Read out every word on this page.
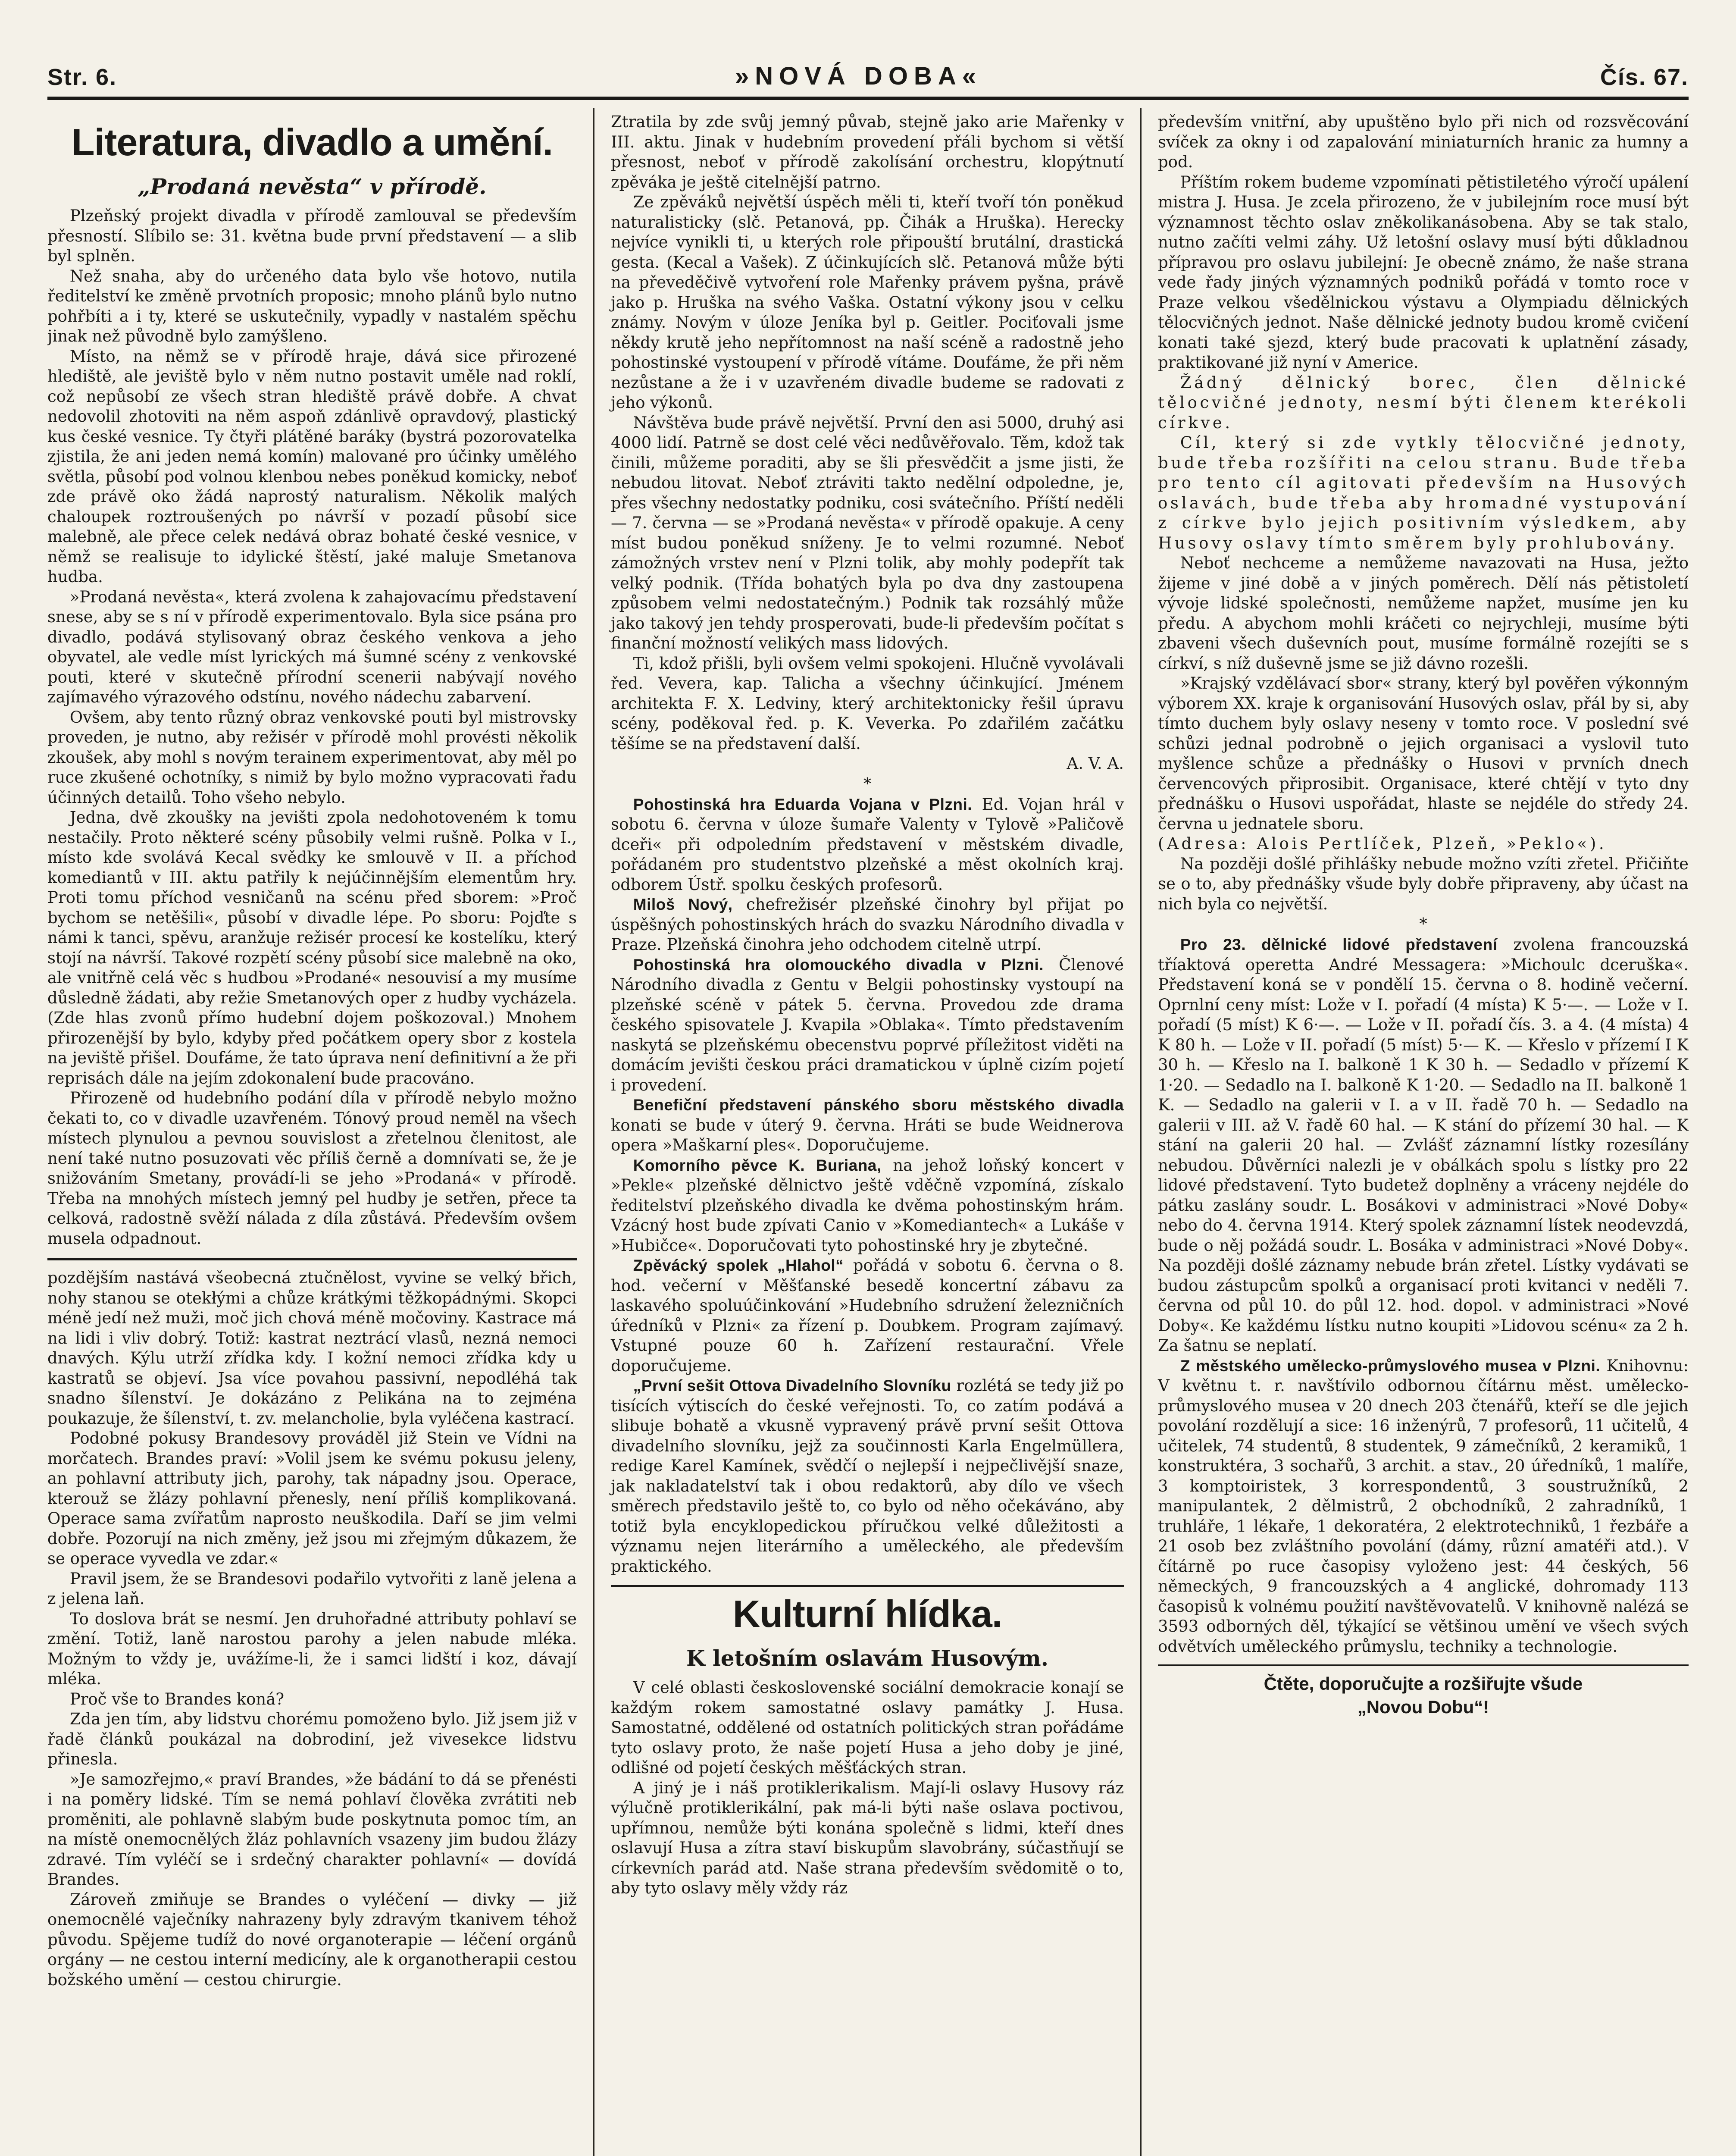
Str. 6.	»NOVÁ DOBA«	Čís. 67.
Literatura, divadlo a umění.
„Prodaná nevěsta“ v přírodě.

Plzeňský projekt divadla v přírodě zamlouval se především přesností. Slíbilo se: 31. května bude první představení — a slib byl splněn.

Než snaha, aby do určeného data bylo vše hotovo, nutila ředitelství ke změně prvotních proposic; mnoho plánů bylo nutno pohřbíti a i ty, které se uskutečnily, vypadly v nastalém spěchu jinak než původně bylo zamýšleno.

Místo, na němž se v přírodě hraje, dává sice přirozené hlediště, ale jeviště bylo v něm nutno postavit uměle nad roklí, což nepůsobí ze všech stran hlediště právě dobře. A chvat nedovolil zhotoviti na něm aspoň zdánlivě opravdový, plastický kus české vesnice. Ty čtyři plátěné baráky (bystrá pozorovatelka zjistila, že ani jeden nemá komín) malované pro účinky umělého světla, působí pod volnou klenbou nebes poněkud komicky, neboť zde právě oko žádá naprostý naturalism. Několik malých chaloupek roztroušených po návrší v pozadí působí sice malebně, ale přece celek nedává obraz bohaté české vesnice, v němž se realisuje to idylické štěstí, jaké maluje Smetanova hudba.

»Prodaná nevěsta«, která zvolena k zahajovacímu představení snese, aby se s ní v přírodě experimentovalo. Byla sice psána pro divadlo, podává stylisovaný obraz českého venkova a jeho obyvatel, ale vedle míst lyrických má šumné scény z venkovské pouti, které v skutečně přírodní scenerii nabývají nového zajímavého výrazového odstínu, nového nádechu zabarvení.

Ovšem, aby tento různý obraz venkovské pouti byl mistrovsky proveden, je nutno, aby režisér v přírodě mohl provésti několik zkoušek, aby mohl s novým terainem experimentovat, aby měl po ruce zkušené ochotníky, s nimiž by bylo možno vypracovati řadu účinných detailů. Toho všeho nebylo.

Jedna, dvě zkoušky na jevišti zpola nedohotoveném k tomu nestačily. Proto některé scény působily velmi rušně. Polka v I., místo kde svolává Kecal svědky ke smlouvě v II. a příchod komediantů v III. aktu patřily k nejúčinnějším elementům hry. Proti tomu příchod vesničanů na scénu před sborem: »Proč bychom se netěšili«, působí v divadle lépe. Po sboru: Pojďte s námi k tanci, spěvu, aranžuje režisér procesí ke kostelíku, který stojí na návrší. Takové rozpětí scény působí sice malebně na oko, ale vnitřně celá věc s hudbou »Prodané« nesouvisí a my musíme důsledně žádati, aby režie Smetanových oper z hudby vycházela. (Zde hlas zvonů přímo hudební dojem poškozoval.) Mnohem přirozenější by bylo, kdyby před počátkem opery sbor z kostela na jeviště přišel. Doufáme, že tato úprava není definitivní a že při reprisách dále na jejím zdokonalení bude pracováno.

Přirozeně od hudebního podání díla v přírodě nebylo možno čekati to, co v divadle uzavřeném. Tónový proud neměl na všech místech plynulou a pevnou souvislost a zřetelnou členitost, ale není také nutno posuzovati věc příliš černě a domnívati se, že je snižováním Smetany, provádí-li se jeho »Prodaná« v přírodě. Třeba na mnohých místech jemný pel hudby je setřen, přece ta celková, radostně svěží nálada z díla zůstává. Především ovšem musela odpadnout.

pozdějším nastává všeobecná ztučnělost, vyvine se velký břich, nohy stanou se otekłými a chůze krátkými těžkopádnými. Skopci méně jedí než muži, moč jich chová méně močoviny. Kastrace má na lidi i vliv dobrý. Totiž: kastrat neztrácí vlasů, nezná nemoci dnavých. Kýlu utrží zřídka kdy. I kožní nemoci zřídka kdy u kastratů se objeví. Jsa více povahou passivní, nepodléhá tak snadno šílenství. Je dokázáno z Pelikána na to zejména poukazuje, že šílenství, t. zv. melancholie, byla vyléčena kastrací.

Podobné pokusy Brandesovy prováděl již Stein ve Vídni na morčatech. Brandes praví: »Volil jsem ke svému pokusu jeleny, an pohlavní attributy jich, parohy, tak nápadny jsou. Operace, kterouž se žlázy pohlavní přenesly, není příliš komplikovaná. Operace sama zvířatům naprosto neuškodila. Daří se jim velmi dobře. Pozorují na nich změny, jež jsou mi zřejmým důkazem, že se operace vyvedla ve zdar.«

Pravil jsem, že se Brandesovi podařilo vytvořiti z laně jelena a z jelena laň.

To doslova brát se nesmí. Jen druhořadné attributy pohlaví se změní. Totiž, laně narostou parohy a jelen nabude mléka. Možným to vždy je, uvážíme-li, že i samci lidští i koz, dávají mléka.

Proč vše to Brandes koná?

Zda jen tím, aby lidstvu chorému pomoženo bylo. Již jsem již v řadě článků poukázal na dobrodiní, jež vivesekce lidstvu přinesla.

»Je samozřejmo,« praví Brandes, »že bádání to dá se přenésti i na poměry lidské. Tím se nemá pohlaví člověka zvrátiti neb proměniti, ale pohlavně slabým bude poskytnuta pomoc tím, an na místě onemocnělých žláz pohlavních vsazeny jim budou žlázy zdravé. Tím vyléčí se i srdečný charakter pohlavní« — dovídá Brandes.

Zároveň zmiňuje se Brandes o vyléčení — divky — již onemocnělé vaječníky nahrazeny byly zdravým tkanivem téhož původu. Spějeme tudíž do nové organoterapie — léčení orgánů orgány — ne cestou interní medicíny, ale k organotherapii cestou božského umění — cestou chirurgie.

Ztratila by zde svůj jemný půvab, stejně jako arie Mařenky v III. aktu. Jinak v hudebním provedení přáli bychom si větší přesnost, neboť v přírodě zakolísání orchestru, klopýtnutí zpěváka je ještě citelnější patrno.

Ze zpěváků největší úspěch měli ti, kteří tvoří tón poněkud naturalisticky (slč. Petanová, pp. Čihák a Hruška). Herecky nejvíce vynikli ti, u kterých role připouští brutální, drastická gesta. (Kecal a Vašek). Z účinkujících slč. Petanová může býti na převeděčivě vytvoření role Mařenky právem pyšna, právě jako p. Hruška na svého Vaška. Ostatní výkony jsou v celku známy. Novým v úloze Jeníka byl p. Geitler. Pociťovali jsme někdy krutě jeho nepřítomnost na naší scéně a radostně jeho pohostinské vystoupení v přírodě vítáme. Doufáme, že při něm nezůstane a že i v uzavřeném divadle budeme se radovati z jeho výkonů.

Návštěva bude právě největší. První den asi 5000, druhý asi 4000 lidí. Patrně se dost celé věci nedůvěřovalo. Těm, kdož tak činili, můžeme poraditi, aby se šli přesvědčit a jsme jisti, že nebudou litovat. Neboť ztráviti takto nedělní odpoledne, je, přes všechny nedostatky podniku, cosi svátečního. Příští neděli — 7. června — se »Prodaná nevěsta« v přírodě opakuje. A ceny míst budou poněkud sníženy. Je to velmi rozumné. Neboť zámožných vrstev není v Plzni tolik, aby mohly podepřít tak velký podnik. (Třída bohatých byla po dva dny zastoupena způsobem velmi nedostatečným.) Podnik tak rozsáhlý může jako takový jen tehdy prosperovati, bude-li především počítat s finanční možností velikých mass lidových.

Ti, kdož přišli, byli ovšem velmi spokojeni. Hlučně vyvolávali řed. Vevera, kap. Talicha a všechny účinkující. Jménem architekta F. X. Ledviny, který architektonicky řešil úpravu scény, poděkoval řed. p. K. Veverka. Po zdařilém začátku těšíme se na představení další.

A. V. A.

*

Pohostinská hra Eduarda Vojana v Plzni. Ed. Vojan hrál v sobotu 6. června v úloze šumaře Valenty v Tylově »Paličově dceři« při odpoledním představení v městském divadle, pořádaném pro studentstvo plzeňské a měst okolních kraj. odborem Ústř. spolku českých profesorů.

Miloš Nový, chefrežisér plzeňské činohry byl přijat po úspěšných pohostinských hrách do svazku Národního divadla v Praze. Plzeňská činohra jeho odchodem citelně utrpí.

Pohostinská hra olomouckého divadla v Plzni. Členové Národního divadla z Gentu v Belgii pohostinsky vystoupí na plzeňské scéně v pátek 5. června. Provedou zde drama českého spisovatele J. Kvapila »Oblaka«. Tímto představením naskytá se plzeňskému obecenstvu poprvé příležitost viděti na domácím jevišti českou práci dramatickou v úplně cizím pojetí i provedení.

Benefiční představení pánského sboru městského divadla konati se bude v úterý 9. června. Hráti se bude Weidnerova opera »Maškarní ples«. Doporučujeme.

Komorního pěvce K. Buriana, na jehož loňský koncert v »Pekle« plzeňské dělnictvo ještě vděčně vzpomíná, získalo ředitelství plzeňského divadla ke dvěma pohostinským hrám. Vzácný host bude zpívati Canio v »Komediantech« a Lukáše v »Hubičce«. Doporučovati tyto pohostinské hry je zbytečné.

Zpěvácký spolek „Hlahol“ pořádá v sobotu 6. června o 8. hod. večerní v Měšťanské besedě koncertní zábavu za laskavého spoluúčinkování »Hudebního sdružení železničních úředníků v Plzni« za řízení p. Doubkem. Program zajímavý. Vstupné pouze 60 h. Zařízení restaurační. Vřele doporučujeme.

„První sešit Ottova Divadelního Slovníku rozlétá se tedy již po tisících výtiscích do české veřejnosti. To, co zatím podává a slibuje bohatě a vkusně vypravený právě první sešit Ottova divadelního slovníku, jejž za součinnosti Karla Engelmüllera, redige Karel Kamínek, svědčí o nejlepší i nejpečlivější snaze, jak nakladatelství tak i obou redaktorů, aby dílo ve všech směrech představilo ještě to, co bylo od něho očekáváno, aby totiž byla encyklopedickou příručkou velké důležitosti a významu nejen literárního a uměleckého, ale především praktického.

Kulturní hlídka.
K letošním oslavám Husovým.

V celé oblasti československé sociální demokracie konají se každým rokem samostatné oslavy památky J. Husa. Samostatné, oddělené od ostatních politických stran pořádáme tyto oslavy proto, že naše pojetí Husa a jeho doby je jiné, odlišné od pojetí českých měšťáckých stran.

A jiný je i náš protiklerikalism. Mají-li oslavy Husovy ráz výlučně protiklerikální, pak má-li býti naše oslava poctivou, upřímnou, nemůže býti konána společně s lidmi, kteří dnes oslavují Husa a zítra staví biskupům slavobrány, súčastňují se církevních parád atd. Naše strana především svědomitě o to, aby tyto oslavy měly vždy ráz

především vnitřní, aby upuštěno bylo při nich od rozsvěcování svíček za okny i od zapalování miniaturních hranic za humny a pod.

Příštím rokem budeme vzpomínati pětistiletého výročí upálení mistra J. Husa. Je zcela přirozeno, že v jubilejním roce musí být významnost těchto oslav zněkolikanásobena. Aby se tak stalo, nutno začíti velmi záhy. Už letošní oslavy musí býti důkladnou přípravou pro oslavu jubilejní: Je obecně známo, že naše strana vede řady jiných významných podniků pořádá v tomto roce v Praze velkou všedělnickou výstavu a Olympiadu dělnických tělocvičných jednot. Naše dělnické jednoty budou kromě cvičení konati také sjezd, který bude pracovati k uplatnění zásady, praktikované již nyní v Americe.

Žádný dělnický borec, člen dělnické tělocvičné jednoty, nesmí býti členem kterékoli církve.

Cíl, který si zde vytkly tělocvičné jednoty, bude třeba rozšířiti na celou stranu. Bude třeba pro tento cíl agitovati především na Husových oslavách, bude třeba aby hromadné vystupování z církve bylo jejich positivním výsledkem, aby Husovy oslavy tímto směrem byly prohlubovány.

Neboť nechceme a nemůžeme navazovati na Husa, ježto žijeme v jiné době a v jiných poměrech. Dělí nás pětistoletí vývoje lidské společnosti, nemůžeme napžet, musíme jen ku předu. A abychom mohli kráčeti co nejrychleji, musíme býti zbaveni všech duševních pout, musíme formálně rozejíti se s církví, s níž duševně jsme se již dávno rozešli.

»Krajský vzdělávací sbor« strany, který byl pověřen výkonným výborem XX. kraje k organisování Husových oslav, přál by si, aby tímto duchem byly oslavy neseny v tomto roce. V poslední své schůzi jednal podrobně o jejich organisaci a vyslovil tuto myšlence schůze a přednášky o Husovi v prvních dnech červencových připrosibit. Organisace, které chtějí v tyto dny přednášku o Husovi uspořádat, hlaste se nejdéle do středy 24. června u jednatele sboru.

(Adresa: Alois Pertlíček, Plzeň, »Peklo«).

Na později došlé přihlášky nebude možno vzíti zřetel. Přičiňte se o to, aby přednášky všude byly dobře připraveny, aby účast na nich byla co největší.

*

Pro 23. dělnické lidové představení zvolena francouzská tříaktová operetta André Messagera: »Michoulc dceruška«. Představení koná se v pondělí 15. června o 8. hodině večerní. Oprnlní ceny míst: Lože v I. pořadí (4 místa) K 5·—. — Lože v I. pořadí (5 míst) K 6·—. — Lože v II. pořadí čís. 3. a 4. (4 místa) 4 K 80 h. — Lože v II. pořadí (5 míst) 5·— K. — Křeslo v přízemí I K 30 h. — Křeslo na I. balkoně 1 K 30 h. — Sedadlo v přízemí K 1·20. — Sedadlo na I. balkoně K 1·20. — Sedadlo na II. balkoně 1 K. — Sedadlo na galerii v I. a v II. řadě 70 h. — Sedadlo na galerii v III. až V. řadě 60 hal. — K stání do přízemí 30 hal. — K stání na galerii 20 hal. — Zvlášť záznamní lístky rozesílány nebudou. Důvěrníci nalezli je v obálkách spolu s lístky pro 22 lidové představení. Tyto budetež doplněny a vráceny nejdéle do pátku zaslány soudr. L. Bosákovi v administraci »Nové Doby« nebo do 4. června 1914. Který spolek záznamní lístek neodevzdá, bude o něj požádá soudr. L. Bosáka v administraci »Nové Doby«. Na později došlé záznamy nebude brán zřetel. Lístky vydávati se budou zástupcům spolků a organisací proti kvitanci v neděli 7. června od půl 10. do půl 12. hod. dopol. v administraci »Nové Doby«. Ke každému lístku nutno koupiti »Lidovou scénu« za 2 h. Za šatnu se neplatí.

Z městského umělecko-průmyslového musea v Plzni. Knihovnu: V květnu t. r. navštívilo odbornou čítárnu měst. umělecko-průmyslového musea v 20 dnech 203 čtenářů, kteří se dle jejich povolání rozdělují a sice: 16 inženýrů, 7 profesorů, 11 učitelů, 4 učitelek, 74 studentů, 8 studentek, 9 zámečníků, 2 keramiků, 1 konstruktéra, 3 sochařů, 3 archit. a stav., 20 úředníků, 1 malíře, 3 komptoiristek, 3 korrespondentů, 3 soustružníků, 2 manipulantek, 2 dělmistrů, 2 obchodníků, 2 zahradníků, 1 truhláře, 1 lékaře, 1 dekoratéra, 2 elektrotechniků, 1 řezbáře a 21 osob bez zvláštního povolání (dámy, různí amatéři atd.). V čítárně po ruce časopisy vyloženo jest: 44 českých, 56 německých, 9 francouzských a 4 anglické, dohromady 113 časopisů k volnému použití navštěvovatelů. V knihovně nalézá se 3593 odborných děl, týkající se většinou umění ve všech svých odvětvích uměleckého průmyslu, techniky a technologie.

Čtěte, doporučujte a rozšiřujte všude
„Novou Dobu“!
